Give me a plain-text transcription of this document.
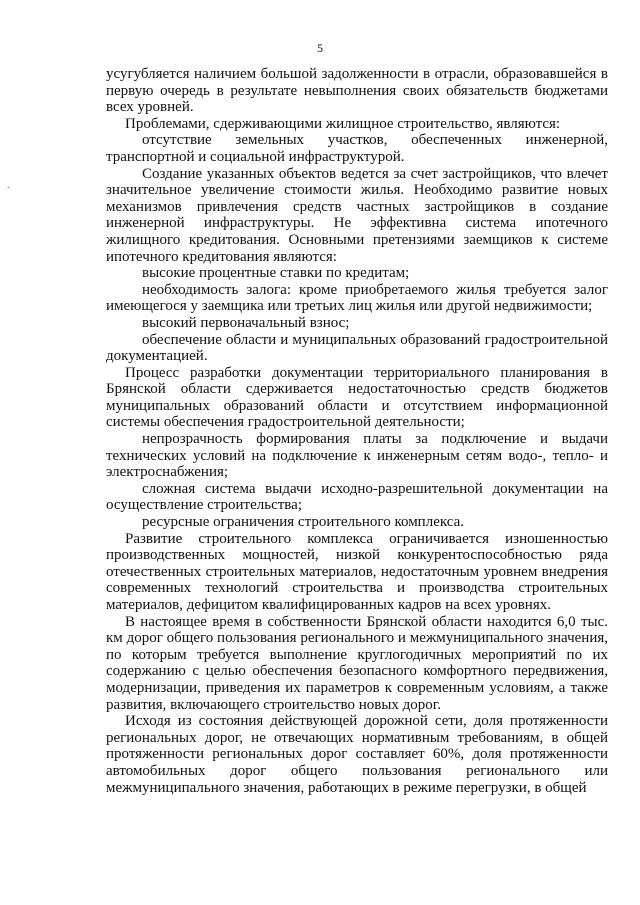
5
.

усугубляется наличием большой задолженности в отрасли, образовавшейся в первую очередь в результате невыполнения своих обязательств бюджетами всех уровней.

Проблемами, сдерживающими жилищное строительство, являются:

отсутствие земельных участков, обеспеченных инженерной, транспортной и социальной инфраструктурой.

Создание указанных объектов ведется за счет застройщиков, что влечет значительное увеличение стоимости жилья. Необходимо развитие новых механизмов привлечения средств частных застройщиков в создание инженерной инфраструктуры. Не эффективна система ипотечного жилищного кредитования. Основными претензиями заемщиков к системе ипотечного кредитования являются:

высокие процентные ставки по кредитам;

необходимость залога: кроме приобретаемого жилья требуется залог имеющегося у заемщика или третьих лиц жилья или другой недвижимости;

высокий первоначальный взнос;

обеспечение области и муниципальных образований градостроительной документацией.

Процесс разработки документации территориального планирования в Брянской области сдерживается недостаточностью средств бюджетов муниципальных образований области и отсутствием информационной системы обеспечения градостроительной деятельности;

непрозрачность формирования платы за подключение и выдачи технических условий на подключение к инженерным сетям водо-, тепло- и электроснабжения;

сложная система выдачи исходно-разрешительной документации на осуществление строительства;

ресурсные ограничения строительного комплекса.

Развитие строительного комплекса ограничивается изношенностью производственных мощностей, низкой конкурентоспособностью ряда отечественных строительных материалов, недостаточным уровнем внедрения современных технологий строительства и производства строительных материалов, дефицитом квалифицированных кадров на всех уровнях.

В настоящее время в собственности Брянской области находится 6,0 тыс. км дорог общего пользования регионального и межмуниципального значения, по которым требуется выполнение круглогодичных мероприятий по их содержанию с целью обеспечения безопасного комфортного передвижения, модернизации, приведения их параметров к современным условиям, а также развития, включающего строительство новых дорог.

Исходя из состояния действующей дорожной сети, доля протяженности региональных дорог, не отвечающих нормативным требованиям, в общей протяженности региональных дорог составляет 60%, доля протяженности автомобильных дорог общего пользования регионального или межмуниципального значения, работающих в режиме перегрузки, в общей
